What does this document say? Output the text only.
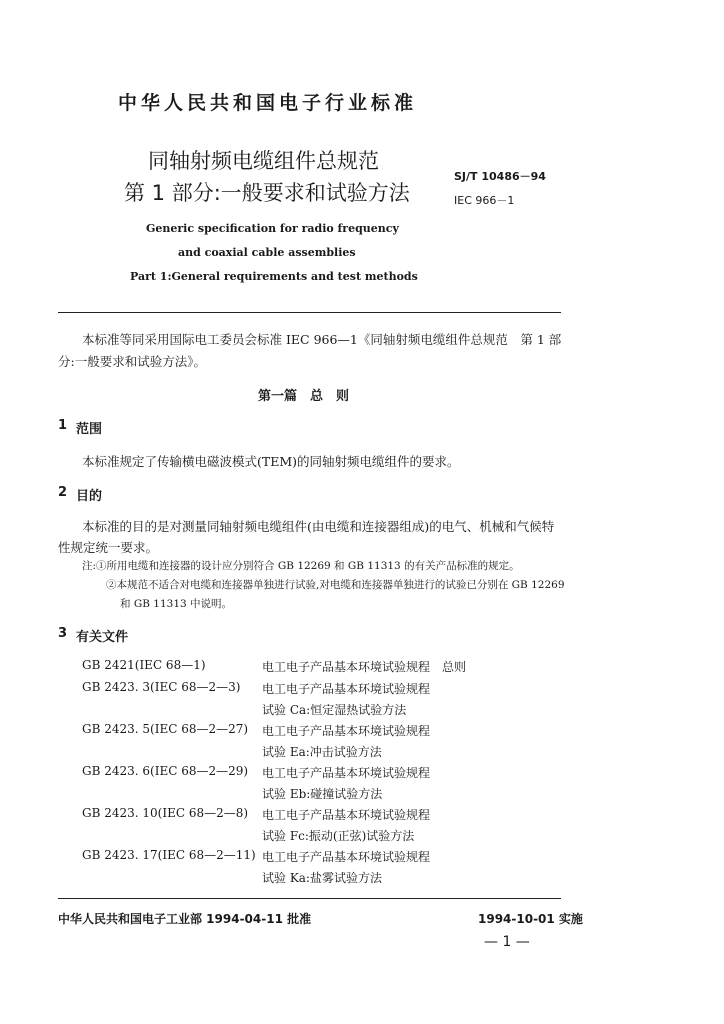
中华人民共和国电子行业标准
同轴射频电缆组件总规范
第 1 部分:一般要求和试验方法
SJ/T 10486－94
IEC 966－1
Generic specification for radio frequency
and coaxial cable assemblies
Part 1:General requirements and test methods
本标准等同采用国际电工委员会标准 IEC 966—1《同轴射频电缆组件总规范　第 1 部
分:一般要求和试验方法》。
第一篇　总　则
1 范围
本标准规定了传输横电磁波模式(TEM)的同轴射频电缆组件的要求。
2 目的
本标准的目的是对测量同轴射频电缆组件(由电缆和连接器组成)的电气、机械和气候特
性规定统一要求。
注:①所用电缆和连接器的设计应分别符合 GB 12269 和 GB 11313 的有关产品标准的规定。
②本规范不适合对电缆和连接器单独进行试验,对电缆和连接器单独进行的试验已分别在 GB 12269
和 GB 11313 中说明。
3 有关文件
GB 2421(IEC 68—1)	电工电子产品基本环境试验规程　总则
GB 2423. 3(IEC 68—2—3) 电工电子产品基本环境试验规程
试验 Ca:恒定湿热试验方法
GB 2423. 5(IEC 68—2—27) 电工电子产品基本环境试验规程
试验 Ea:冲击试验方法
GB 2423. 6(IEC 68—2—29) 电工电子产品基本环境试验规程
试验 Eb:碰撞试验方法
GB 2423. 10(IEC 68—2—8) 电工电子产品基本环境试验规程
试验 Fc:振动(正弦)试验方法
GB 2423. 17(IEC 68—2—11) 电工电子产品基本环境试验规程
试验 Ka:盐雾试验方法
中华人民共和国电子工业部 1994-04-11 批准	1994-10-01 实施
— 1 —
